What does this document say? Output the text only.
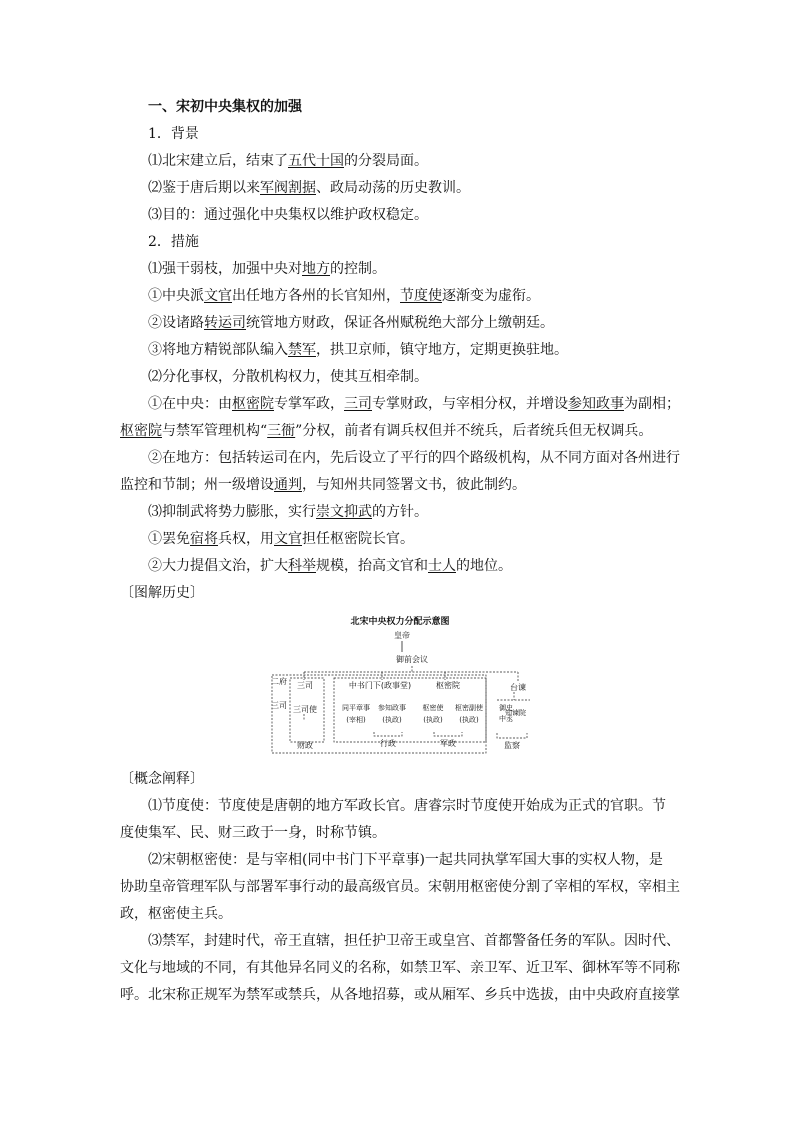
一、宋初中央集权的加强
1．背景
⑴北宋建立后，结束了五代十国的分裂局面。
⑵鉴于唐后期以来军阀割据、政局动荡的历史教训。
⑶目的：通过强化中央集权以维护政权稳定。
2．措施
⑴强干弱枝，加强中央对地方的控制。
①中央派文官出任地方各州的长官知州，节度使逐渐变为虚衔。
②设诸路转运司统管地方财政，保证各州赋税绝大部分上缴朝廷。
③将地方精锐部队编入禁军，拱卫京师，镇守地方，定期更换驻地。
⑵分化事权，分散机构权力，使其互相牵制。
①在中央：由枢密院专掌军政，三司专掌财政，与宰相分权，并增设参知政事为副相；
枢密院与禁军管理机构“三衙”分权，前者有调兵权但并不统兵，后者统兵但无权调兵。
②在地方：包括转运司在内，先后设立了平行的四个路级机构，从不同方面对各州进行
监控和节制；州一级增设通判，与知州共同签署文书，彼此制约。
⑶抑制武将势力膨胀，实行崇文抑武的方针。
①罢免宿将兵权，用文官担任枢密院长官。
②大力提倡文治，扩大科举规模，抬高文官和士人的地位。
〔图解历史〕
北宋中央权力分配示意图
皇帝
御前会议
二府
三司
三司
三司使
财政
中书门下(政事堂)	枢密院	台谏
同平章事
(宰相)
参知政事
(执政)
枢密使
(执政)
枢密副使
(执政)
御史
中丞
知谏院
行政	军政	监察
〔概念阐释〕
⑴节度使：节度使是唐朝的地方军政长官。唐睿宗时节度使开始成为正式的官职。节
度使集军、民、财三政于一身，时称节镇。
⑵宋朝枢密使：是与宰相(同中书门下平章事)一起共同执掌军国大事的实权人物，是
协助皇帝管理军队与部署军事行动的最高级官员。宋朝用枢密使分割了宰相的军权，宰相主
政，枢密使主兵。
⑶禁军，封建时代，帝王直辖，担任护卫帝王或皇宫、首都警备任务的军队。因时代、
文化与地域的不同，有其他异名同义的名称，如禁卫军、亲卫军、近卫军、御林军等不同称
呼。北宋称正规军为禁军或禁兵，从各地招募，或从厢军、乡兵中选拔，由中央政府直接掌
